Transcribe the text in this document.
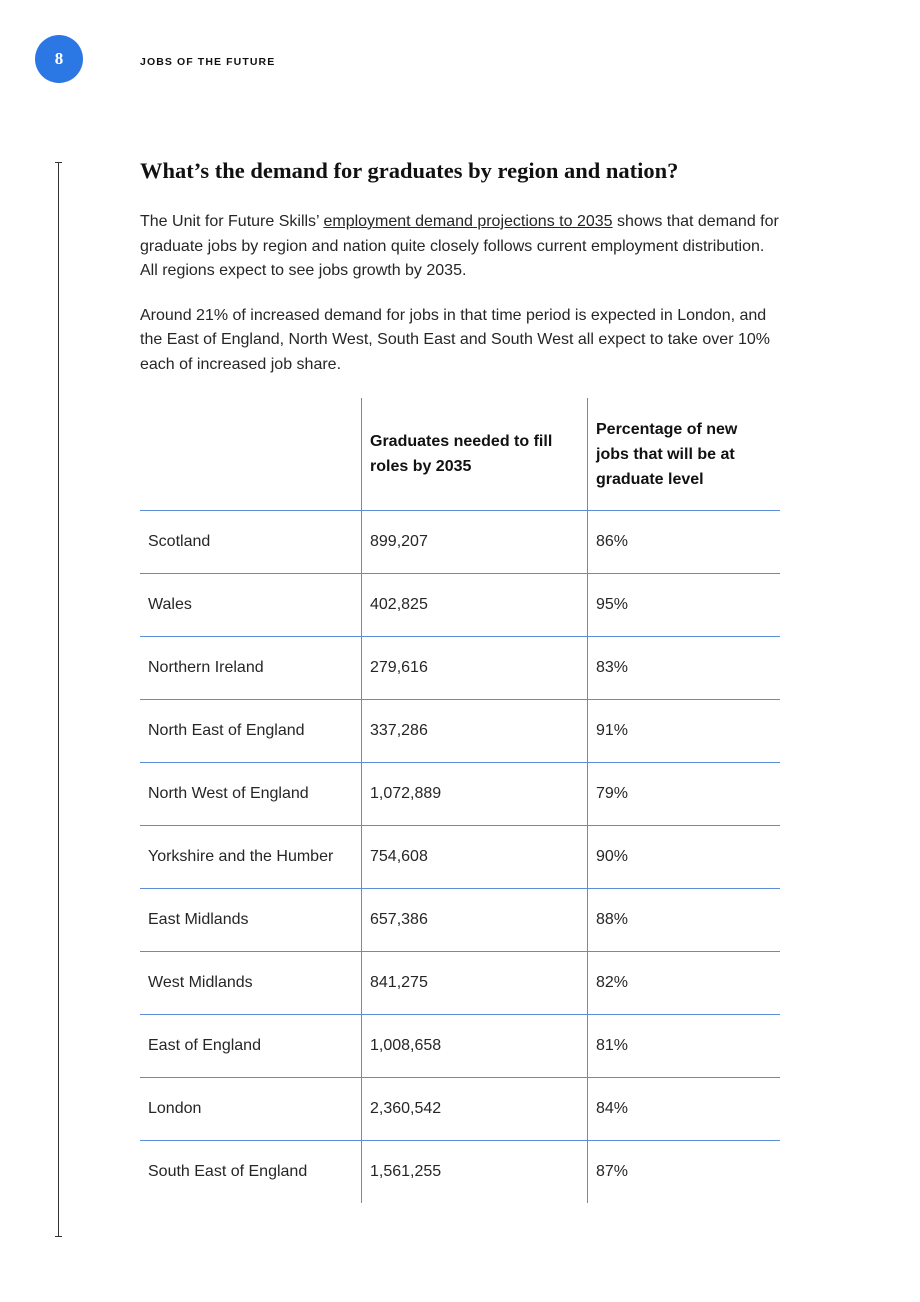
8	JOBS OF THE FUTURE
What’s the demand for graduates by region and nation?

The Unit for Future Skills’ employment demand projections to 2035 shows that demand for graduate jobs by region and nation quite closely follows current employment distribution. All regions expect to see jobs growth by 2035.

Around 21% of increased demand for jobs in that time period is expected in London, and the East of England, North West, South East and South West all expect to take over 10% each of increased job share.

	Graduates needed to fill roles by 2035	Percentage of new jobs that will be at graduate level
Scotland	899,207	86%
Wales	402,825	95%
Northern Ireland	279,616	83%
North East of England	337,286	91%
North West of England	1,072,889	79%
Yorkshire and the Humber	754,608	90%
East Midlands	657,386	88%
West Midlands	841,275	82%
East of England	1,008,658	81%
London	2,360,542	84%
South East of England	1,561,255	87%
